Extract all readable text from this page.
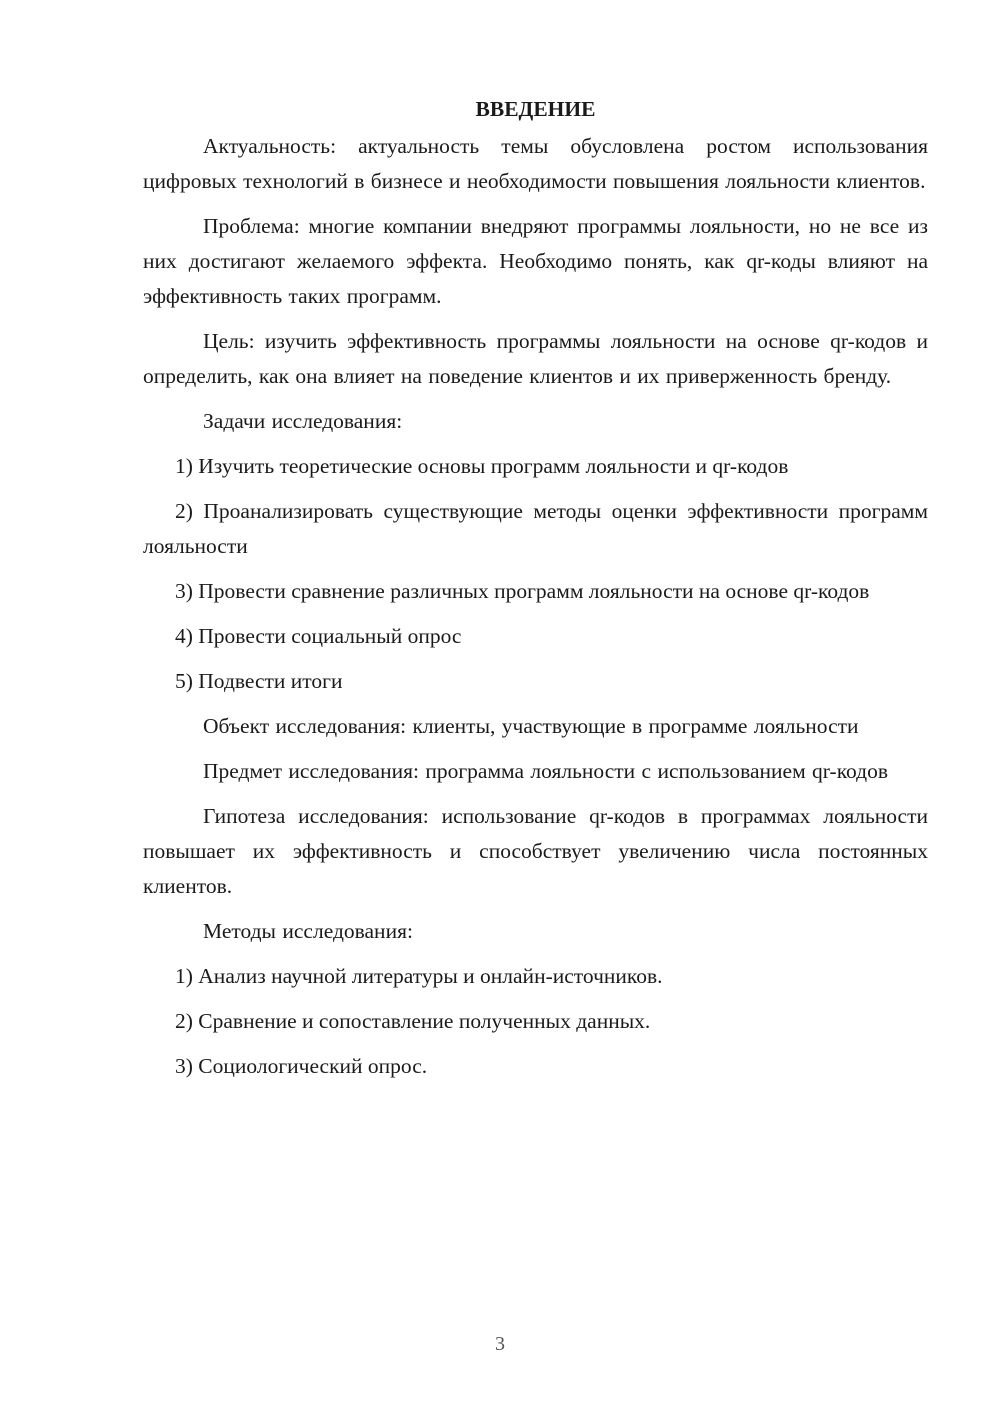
ВВЕДЕНИЕ

Актуальность: актуальность темы обусловлена ростом использования цифровых технологий в бизнесе и необходимости повышения лояльности клиентов.

Проблема: многие компании внедряют программы лояльности, но не все из них достигают желаемого эффекта. Необходимо понять, как qr-коды влияют на эффективность таких программ.

Цель: изучить эффективность программы лояльности на основе qr-кодов и определить, как она влияет на поведение клиентов и их приверженность бренду.

Задачи исследования:

1) Изучить теоретические основы программ лояльности и qr-кодов

2) Проанализировать существующие методы оценки эффективности программ лояльности

3) Провести сравнение различных программ лояльности на основе qr-кодов

4) Провести социальный опрос

5) Подвести итоги

Объект исследования: клиенты, участвующие в программе лояльности

Предмет исследования: программа лояльности с использованием qr-кодов

Гипотеза исследования: использование qr-кодов в программах лояльности повышает их эффективность и способствует увеличению числа постоянных клиентов.

Методы исследования:

1) Анализ научной литературы и онлайн-источников.

2) Сравнение и сопоставление полученных данных.

3) Социологический опрос.

3
